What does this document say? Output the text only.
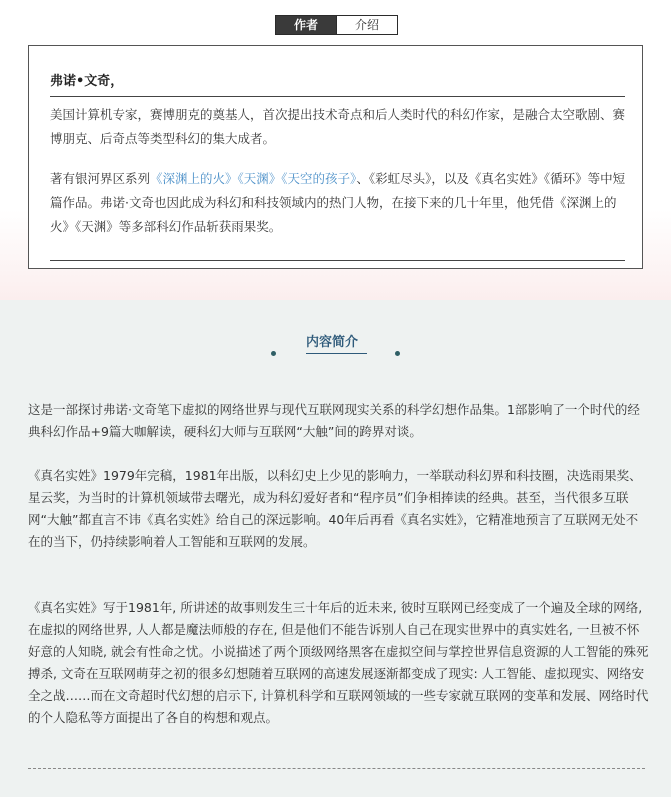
作者	介绍
弗诺•文奇，
美国计算机专家，赛博朋克的奠基人，首次提出技术奇点和后人类时代的科幻作家，是融合太空歌剧、赛博朋克、后奇点等类型科幻的集大成者。
著有银河界区系列《深渊上的火》《天渊》《天空的孩子》、《彩虹尽头》，以及《真名实姓》《循环》等中短篇作品。弗诺·文奇也因此成为科幻和科技领域内的热门人物，在接下来的几十年里，他凭借《深渊上的火》《天渊》等多部科幻作品斩获雨果奖。
内容简介
这是一部探讨弗诺·文奇笔下虚拟的网络世界与现代互联网现实关系的科学幻想作品集。1部影响了一个时代的经典科幻作品+9篇大咖解读，硬科幻大师与互联网“大触”间的跨界对谈。
《真名实姓》1979年完稿，1981年出版，以科幻史上少见的影响力，一举联动科幻界和科技圈，决选雨果奖、星云奖，为当时的计算机领域带去曙光，成为科幻爱好者和“程序员”们争相捧读的经典。甚至，当代很多互联网“大触”都直言不讳《真名实姓》给自己的深远影响。40年后再看《真名实姓》，它精准地预言了互联网无处不在的当下，仍持续影响着人工智能和互联网的发展。
《真名实姓》写于1981年, 所讲述的故事则发生三十年后的近未来, 彼时互联网已经变成了一个遍及全球的网络, 在虚拟的网络世界, 人人都是魔法师般的存在, 但是他们不能告诉别人自己在现实世界中的真实姓名, 一旦被不怀好意的人知晓, 就会有性命之忧。小说描述了两个顶级网络黑客在虚拟空间与掌控世界信息资源的人工智能的殊死搏杀, 文奇在互联网萌芽之初的很多幻想随着互联网的高速发展逐渐都变成了现实: 人工智能、虚拟现实、网络安全之战……而在文奇超时代幻想的启示下, 计算机科学和互联网领域的一些专家就互联网的变革和发展、网络时代的个人隐私等方面提出了各自的构想和观点。
